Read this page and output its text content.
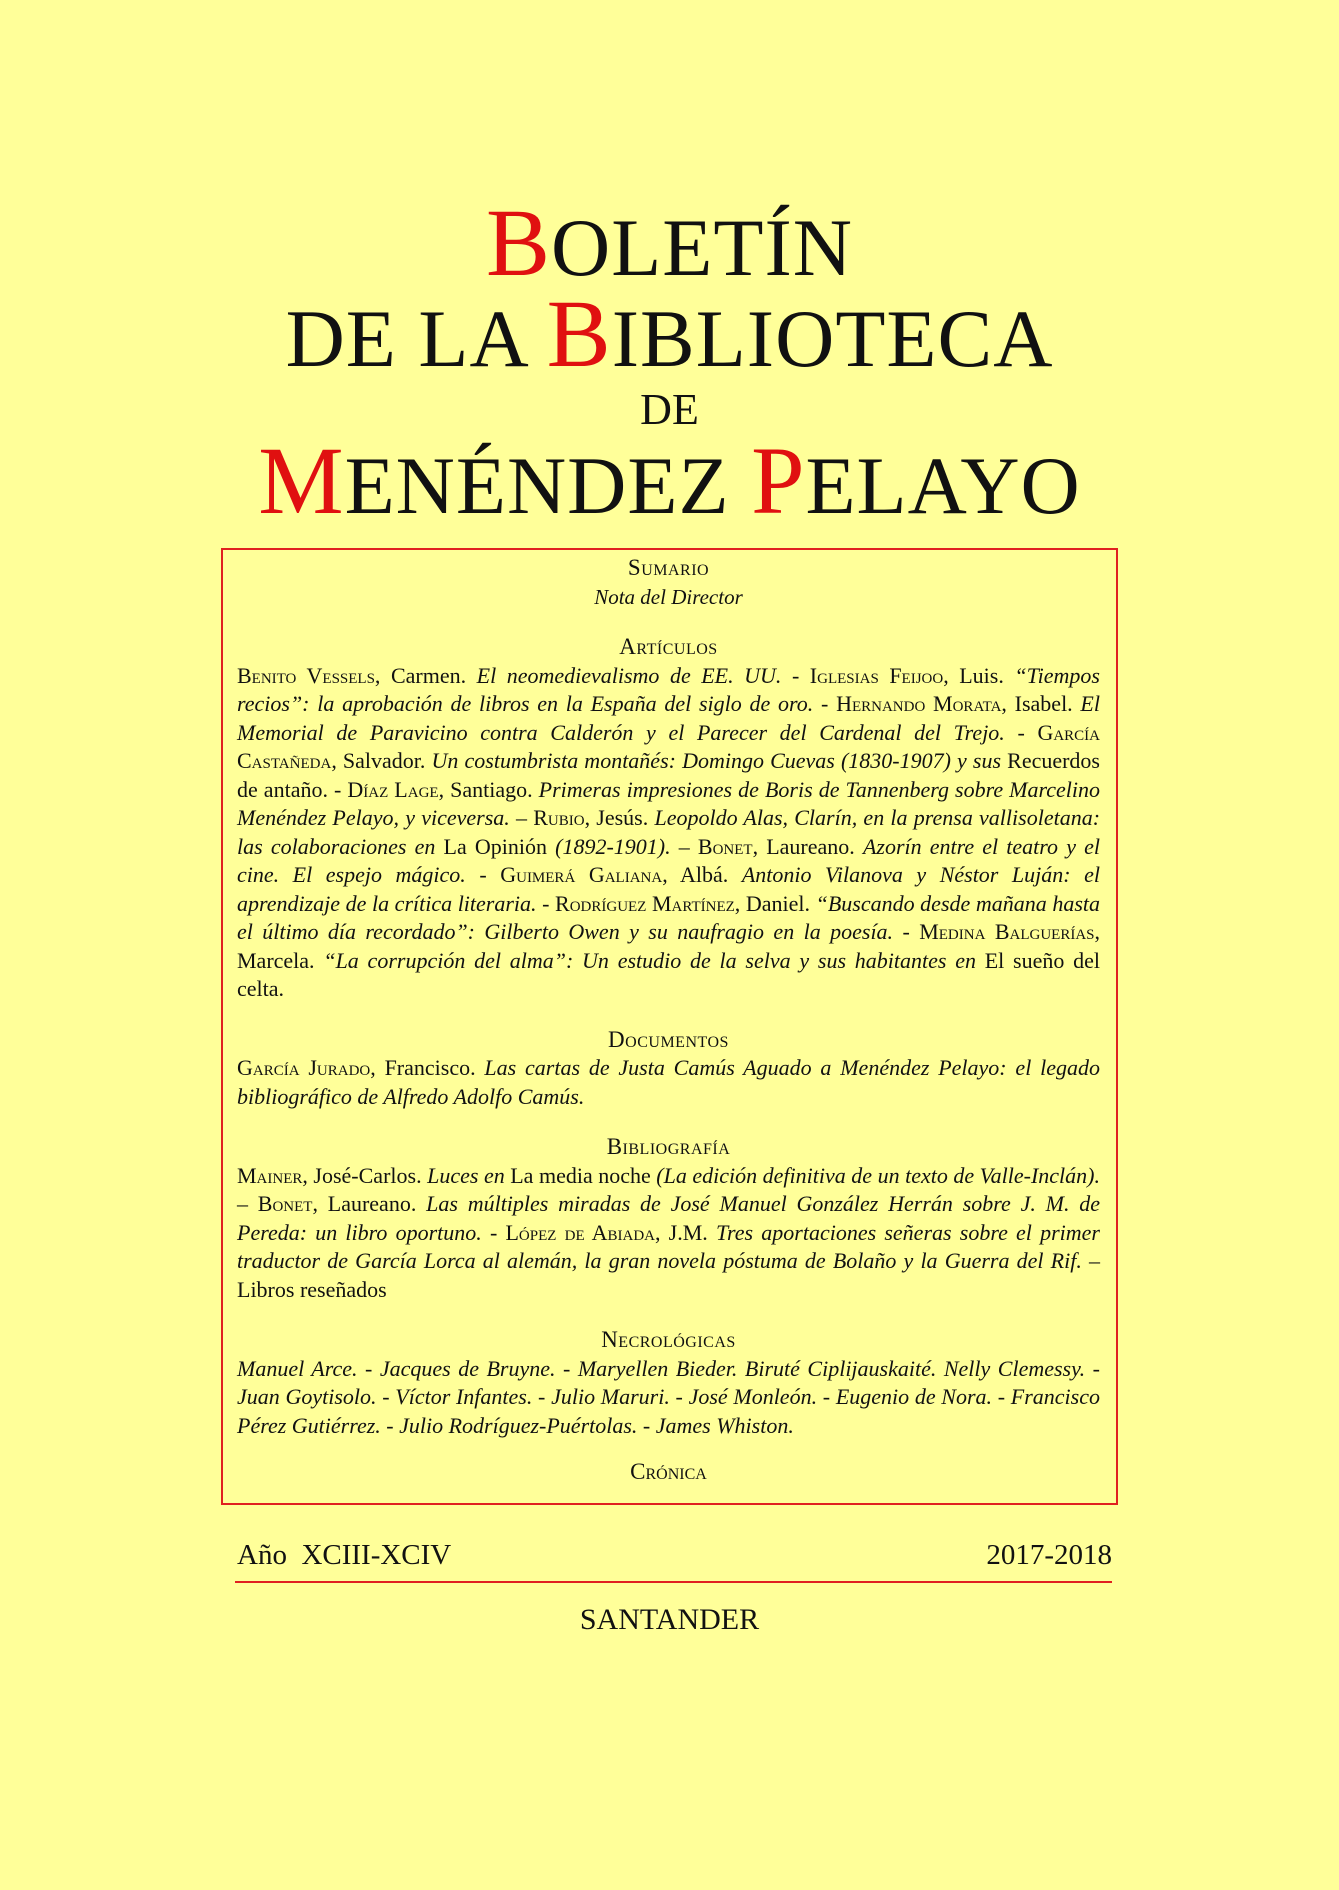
BOLETÍN
DE LA BIBLIOTECA
DE
MENÉNDEZ PELAYO
Sumario
Nota del Director
Artículos
Benito Vessels, Carmen. El neomedievalismo de EE. UU. - Iglesias Feijoo, Luis. “Tiempos recios”: la aprobación de libros en la España del siglo de oro. - Hernando Morata, Isabel. El Memorial de Paravicino contra Calderón y el Parecer del Cardenal del Trejo. - García Castañeda, Salvador. Un costumbrista montañés: Domingo Cuevas (1830-1907) y sus Recuerdos de antaño. - Díaz Lage, Santiago. Primeras impresiones de Boris de Tannenberg sobre Marcelino Menéndez Pelayo, y viceversa. – Rubio, Jesús. Leopoldo Alas, Clarín, en la prensa vallisoletana: las colaboraciones en La Opinión (1892-1901). – Bonet, Laureano. Azorín entre el teatro y el cine. El espejo mágico. - Guimerá Galiana, Albá. Antonio Vilanova y Néstor Luján: el aprendizaje de la crítica literaria. - Rodríguez Martínez, Daniel. “Buscando desde mañana hasta el último día recordado”: Gilberto Owen y su naufragio en la poesía. - Medina Balguerías, Marcela. “La corrupción del alma”: Un estudio de la selva y sus habitantes en El sueño del celta.
Documentos
García Jurado, Francisco. Las cartas de Justa Camús Aguado a Menéndez Pelayo: el legado bibliográfico de Alfredo Adolfo Camús.
Bibliografía
Mainer, José-Carlos. Luces en La media noche (La edición definitiva de un texto de Valle-Inclán). – Bonet, Laureano. Las múltiples miradas de José Manuel González Herrán sobre J. M. de Pereda: un libro oportuno. - López de Abiada, J.M. Tres aportaciones señeras sobre el primer traductor de García Lorca al alemán, la gran novela póstuma de Bolaño y la Guerra del Rif. – Libros reseñados
Necrológicas
Manuel Arce. - Jacques de Bruyne. - Maryellen Bieder. Biruté Ciplijauskaité. Nelly Clemessy. - Juan Goytisolo. - Víctor Infantes. - Julio Maruri. - José Monleón. - Eugenio de Nora. - Francisco Pérez Gutiérrez. - Julio Rodríguez-Puértolas. - James Whiston.
Crónica
Año  XCIII-XCIV	2017-2018
SANTANDER
